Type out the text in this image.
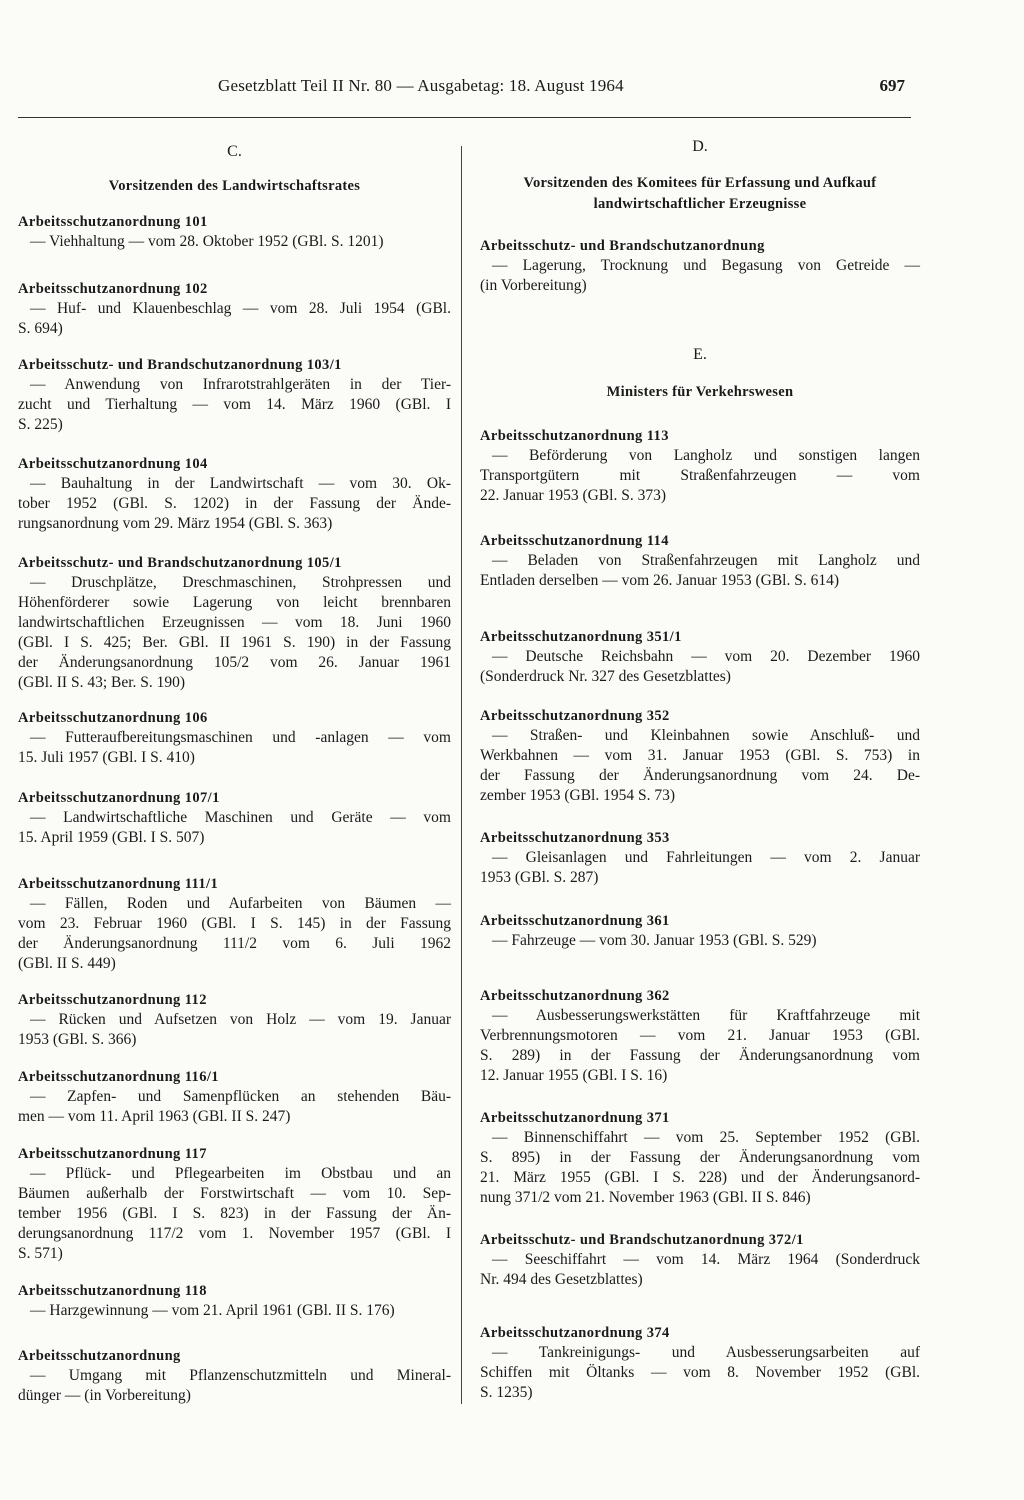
Gesetzblatt Teil II Nr. 80 — Ausgabetag: 18. August 1964	697

C.

Vorsitzenden des Landwirtschaftsrates

Arbeitsschutzanordnung 101
— Viehhaltung — vom 28. Oktober 1952 (GBl. S. 1201)
Arbeitsschutzanordnung 102
— Huf- und Klauenbeschlag — vom 28. Juli 1954 (GBl.
S. 694)
Arbeitsschutz- und Brandschutzanordnung 103/1
— Anwendung von Infrarotstrahlgeräten in der Tier-
zucht und Tierhaltung — vom 14. März 1960 (GBl. I
S. 225)
Arbeitsschutzanordnung 104
— Bauhaltung in der Landwirtschaft — vom 30. Ok-
tober 1952 (GBl. S. 1202) in der Fassung der Ände-
rungsanordnung vom 29. März 1954 (GBl. S. 363)
Arbeitsschutz- und Brandschutzanordnung 105/1
— Druschplätze, Dreschmaschinen, Strohpressen und
Höhenförderer sowie Lagerung von leicht brennbaren
landwirtschaftlichen Erzeugnissen — vom 18. Juni 1960
(GBl. I S. 425; Ber. GBl. II 1961 S. 190) in der Fassung
der Änderungsanordnung 105/2 vom 26. Januar 1961
(GBl. II S. 43; Ber. S. 190)
Arbeitsschutzanordnung 106
— Futteraufbereitungsmaschinen und -anlagen — vom
15. Juli 1957 (GBl. I S. 410)
Arbeitsschutzanordnung 107/1
— Landwirtschaftliche Maschinen und Geräte — vom
15. April 1959 (GBl. I S. 507)
Arbeitsschutzanordnung 111/1
— Fällen, Roden und Aufarbeiten von Bäumen —
vom 23. Februar 1960 (GBl. I S. 145) in der Fassung
der Änderungsanordnung 111/2 vom 6. Juli 1962
(GBl. II S. 449)
Arbeitsschutzanordnung 112
— Rücken und Aufsetzen von Holz — vom 19. Januar
1953 (GBl. S. 366)
Arbeitsschutzanordnung 116/1
— Zapfen- und Samenpflücken an stehenden Bäu-
men — vom 11. April 1963 (GBl. II S. 247)
Arbeitsschutzanordnung 117
— Pflück- und Pflegearbeiten im Obstbau und an
Bäumen außerhalb der Forstwirtschaft — vom 10. Sep-
tember 1956 (GBl. I S. 823) in der Fassung der Än-
derungsanordnung 117/2 vom 1. November 1957 (GBl. I
S. 571)
Arbeitsschutzanordnung 118
— Harzgewinnung — vom 21. April 1961 (GBl. II S. 176)
Arbeitsschutzanordnung
— Umgang mit Pflanzenschutzmitteln und Mineral-
dünger — (in Vorbereitung)

D.

Vorsitzenden des Komitees für Erfassung und Aufkauf

landwirtschaftlicher Erzeugnisse

Arbeitsschutz- und Brandschutzanordnung
— Lagerung, Trocknung und Begasung von Getreide —
(in Vorbereitung)

E.

Ministers für Verkehrswesen

Arbeitsschutzanordnung 113
— Beförderung von Langholz und sonstigen langen
Transportgütern mit Straßenfahrzeugen — vom
22. Januar 1953 (GBl. S. 373)
Arbeitsschutzanordnung 114
— Beladen von Straßenfahrzeugen mit Langholz und
Entladen derselben — vom 26. Januar 1953 (GBl. S. 614)
Arbeitsschutzanordnung 351/1
— Deutsche Reichsbahn — vom 20. Dezember 1960
(Sonderdruck Nr. 327 des Gesetzblattes)
Arbeitsschutzanordnung 352
— Straßen- und Kleinbahnen sowie Anschluß- und
Werkbahnen — vom 31. Januar 1953 (GBl. S. 753) in
der Fassung der Änderungsanordnung vom 24. De-
zember 1953 (GBl. 1954 S. 73)
Arbeitsschutzanordnung 353
— Gleisanlagen und Fahrleitungen — vom 2. Januar
1953 (GBl. S. 287)
Arbeitsschutzanordnung 361
— Fahrzeuge — vom 30. Januar 1953 (GBl. S. 529)
Arbeitsschutzanordnung 362
— Ausbesserungswerkstätten für Kraftfahrzeuge mit
Verbrennungsmotoren — vom 21. Januar 1953 (GBl.
S. 289) in der Fassung der Änderungsanordnung vom
12. Januar 1955 (GBl. I S. 16)
Arbeitsschutzanordnung 371
— Binnenschiffahrt — vom 25. September 1952 (GBl.
S. 895) in der Fassung der Änderungsanordnung vom
21. März 1955 (GBl. I S. 228) und der Änderungsanord-
nung 371/2 vom 21. November 1963 (GBl. II S. 846)
Arbeitsschutz- und Brandschutzanordnung 372/1
— Seeschiffahrt — vom 14. März 1964 (Sonderdruck
Nr. 494 des Gesetzblattes)
Arbeitsschutzanordnung 374
— Tankreinigungs- und Ausbesserungsarbeiten auf
Schiffen mit Öltanks — vom 8. November 1952 (GBl.
S. 1235)
